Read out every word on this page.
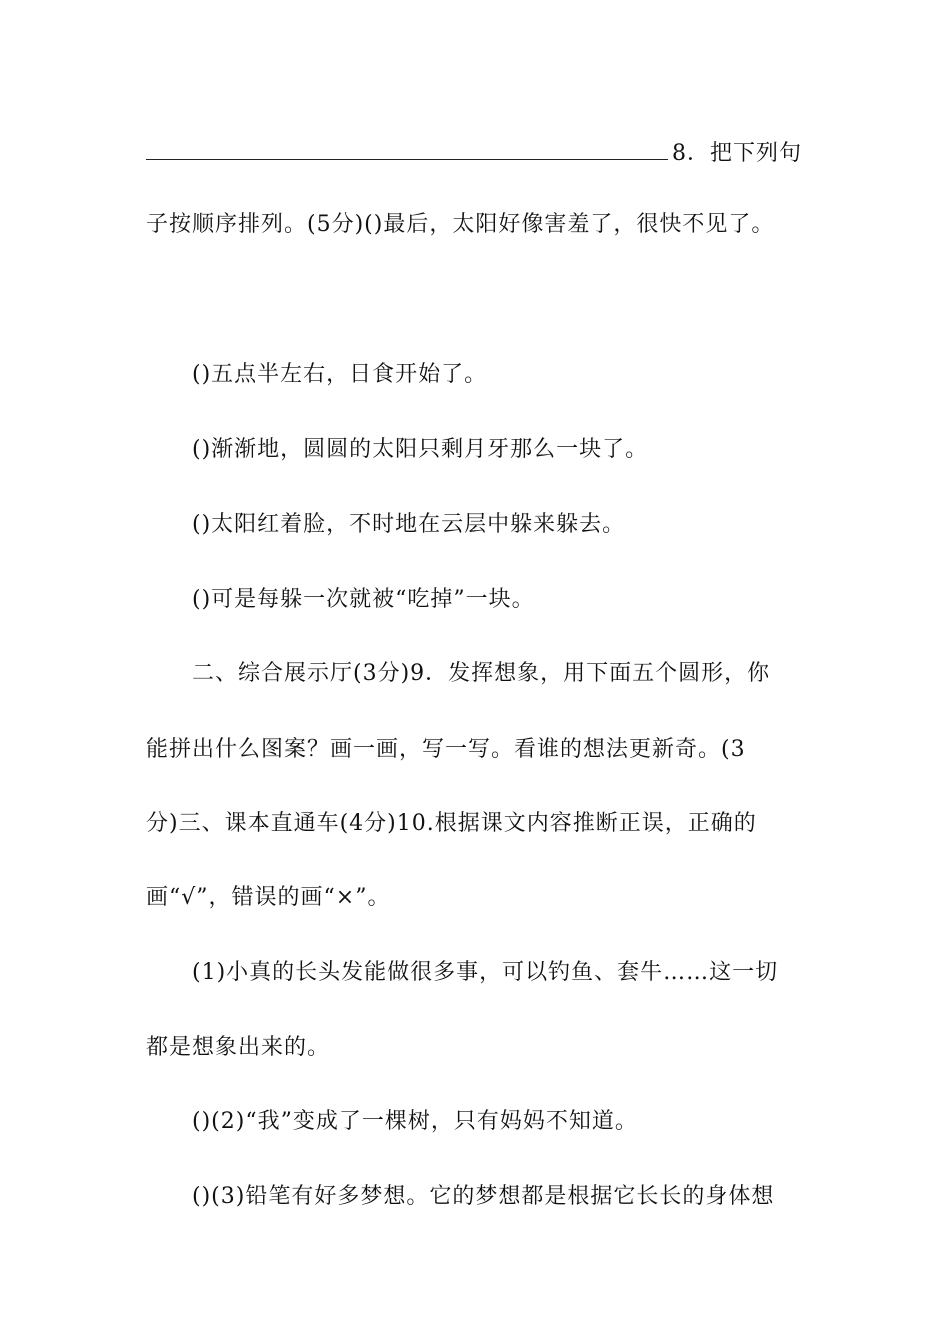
8．把下列句
子按顺序排列。(5分)()最后，太阳好像害羞了，很快不见了。
()五点半左右，日食开始了。
()渐渐地，圆圆的太阳只剩月牙那么一块了。
()太阳红着脸，不时地在云层中躲来躲去。
()可是每躲一次就被“吃掉”一块。
二、综合展示厅(3分)9．发挥想象，用下面五个圆形，你
能拼出什么图案？画一画，写一写。看谁的想法更新奇。(3
分)三、课本直通车(4分)10.根据课文内容推断正误，正确的
画“√”，错误的画“×”。
(1)小真的长头发能做很多事，可以钓鱼、套牛……这一切
都是想象出来的。
()(2)“我”变成了一棵树，只有妈妈不知道。
()(3)铅笔有好多梦想。它的梦想都是根据它长长的身体想
